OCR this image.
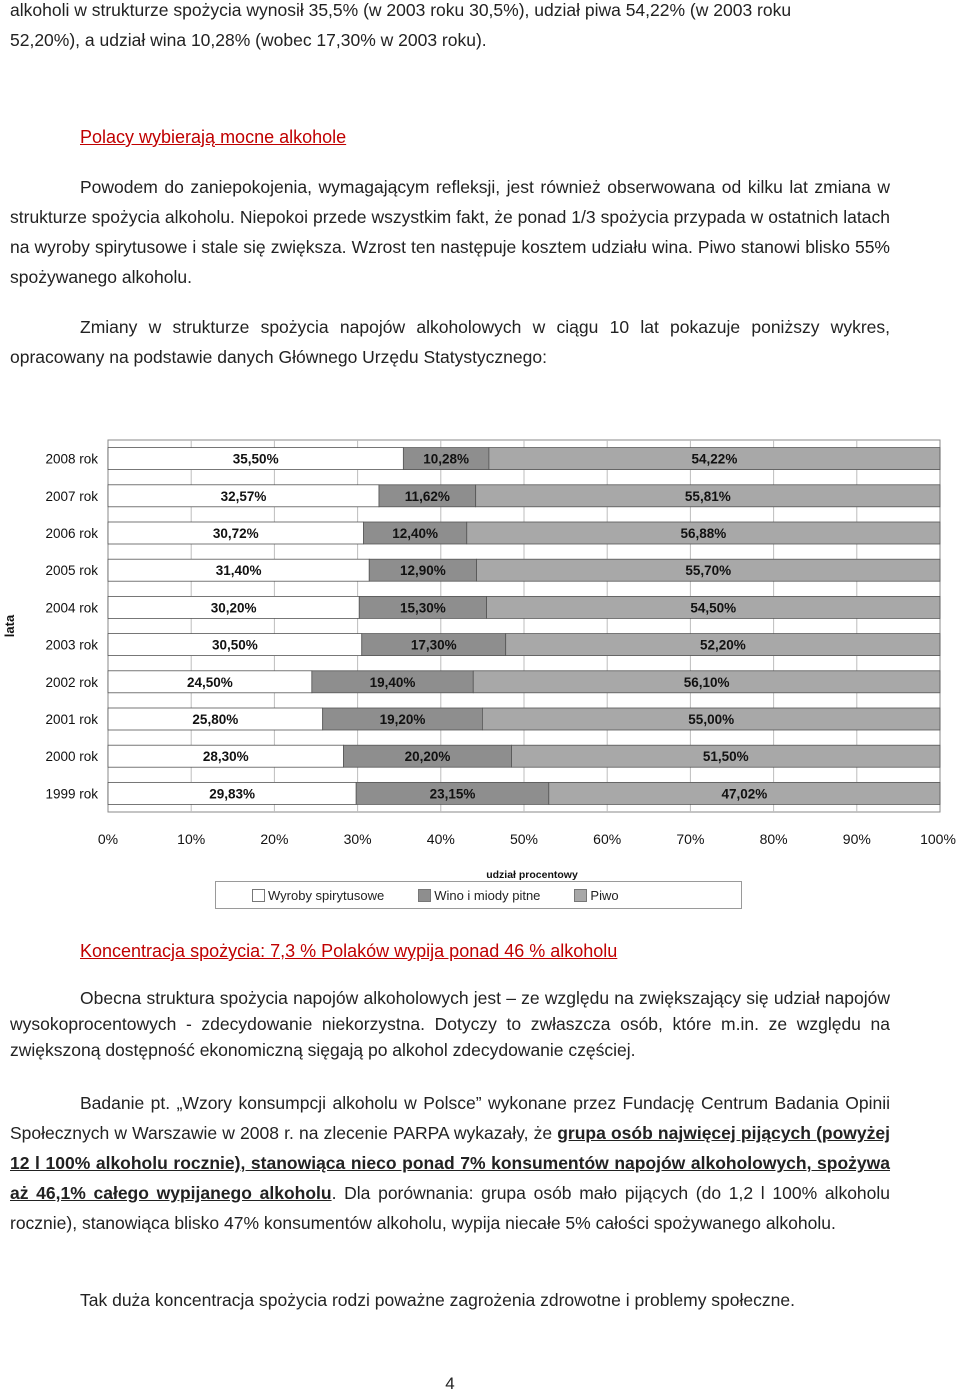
alkoholi w strukturze spożycia wynosił 35,5% (w 2003 roku 30,5%), udział piwa 54,22% (w 2003 roku

52,20%), a udział wina 10,28% (wobec 17,30% w 2003 roku).

Polacy wybierają mocne alkohole

Powodem do zaniepokojenia, wymagającym refleksji, jest również obserwowana od kilku lat zmiana w strukturze spożycia alkoholu. Niepokoi przede wszystkim fakt, że ponad 1/3 spożycia przypada w ostatnich latach na wyroby spirytusowe i stale się zwiększa. Wzrost ten następuje kosztem udziału wina. Piwo stanowi blisko 55% spożywanego alkoholu.

Zmiany w strukturze spożycia napojów alkoholowych w ciągu 10 lat pokazuje poniższy wykres, opracowany na podstawie danych Głównego Urzędu Statystycznego:

35,50%	10,28%	54,22%
2008 rok
32,57%	11,62%	55,81%
2007 rok
30,72%	12,40%	56,88%
2006 rok
31,40%	12,90%	55,70%
2005 rok
30,20%	15,30%	54,50%
2004 rok
30,50%	17,30%	52,20%
2003 rok
24,50%	19,40%	56,10%
2002 rok
25,80%	19,20%	55,00%
2001 rok
28,30%	20,20%	51,50%
2000 rok
29,83%	23,15%	47,02%
1999 rok
0%	10%	20%	30%	40%	50%	60%	70%	80%	90%	100%
udział procentowy
lata
Wyroby spirytusowe	Wino i miody pitne	Piwo

Koncentracja spożycia: 7,3 % Polaków wypija ponad 46 % alkoholu

Obecna struktura spożycia napojów alkoholowych jest – ze względu na zwiększający się udział napojów wysokoprocentowych - zdecydowanie niekorzystna. Dotyczy to zwłaszcza osób, które m.in. ze względu na zwiększoną dostępność ekonomiczną sięgają po alkohol zdecydowanie częściej.

Badanie pt. „Wzory konsumpcji alkoholu w Polsce” wykonane przez Fundację Centrum Badania Opinii Społecznych w Warszawie w 2008 r. na zlecenie PARPA wykazały, że grupa osób najwięcej pijących (powyżej 12 l 100% alkoholu rocznie), stanowiąca nieco ponad 7% konsumentów napojów alkoholowych, spożywa aż 46,1% całego wypijanego alkoholu. Dla porównania: grupa osób mało pijących (do 1,2 l 100% alkoholu rocznie), stanowiąca blisko 47% konsumentów alkoholu, wypija niecałe 5% całości spożywanego alkoholu.

Tak duża koncentracja spożycia rodzi poważne zagrożenia zdrowotne i problemy społeczne.

4
